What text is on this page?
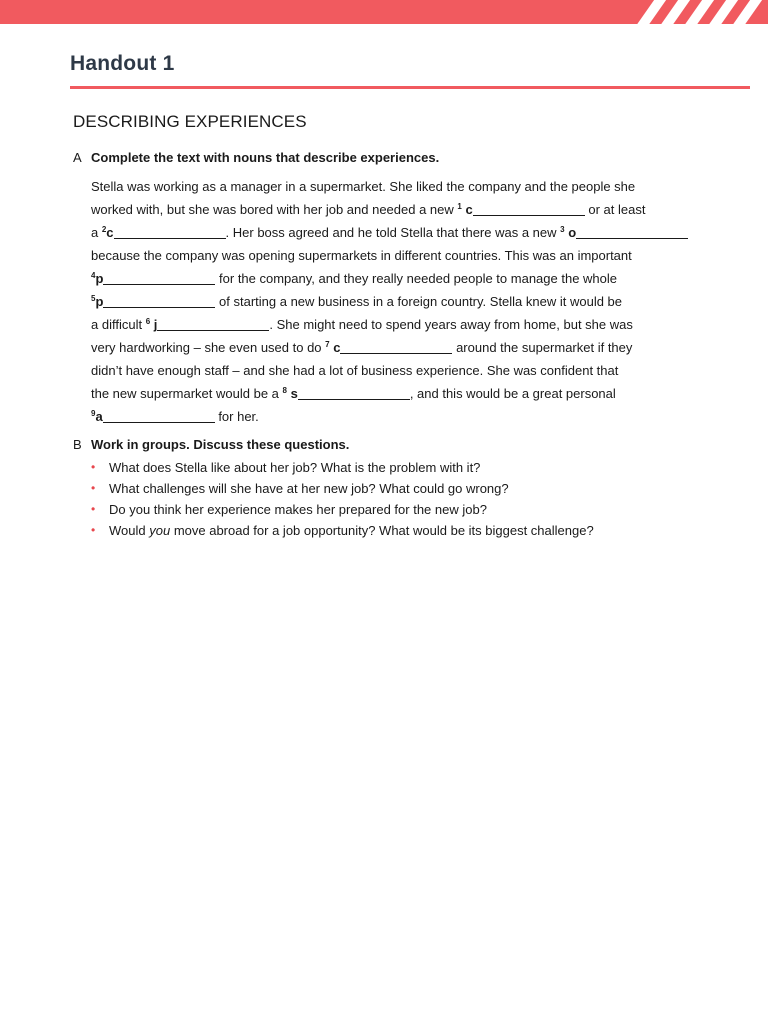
Handout 1
DESCRIBING EXPERIENCES
A Complete the text with nouns that describe experiences.
Stella was working as a manager in a supermarket. She liked the company and the people she
worked with, but she was bored with her job and needed a new $^1$ c	or at least
a $^2$c	. Her boss agreed and he told Stella that there was a new $^3$ o
because the company was opening supermarkets in different countries. This was an important
$^4$p	for the company, and they really needed people to manage the whole
$^5$p	of starting a new business in a foreign country. Stella knew it would be
a difficult $^6$ j	. She might need to spend years away from home, but she was
very hardworking – she even used to do $^7$ c	around the supermarket if they
didn’t have enough staff – and she had a lot of business experience. She was confident that
the new supermarket would be a $^8$ s	, and this would be a great personal
$^9$a	for her.
B Work in groups. Discuss these questions.
• What does Stella like about her job? What is the problem with it?
• What challenges will she have at her new job? What could go wrong?
• Do you think her experience makes her prepared for the new job?
• Would you move abroad for a job opportunity? What would be its biggest challenge?
